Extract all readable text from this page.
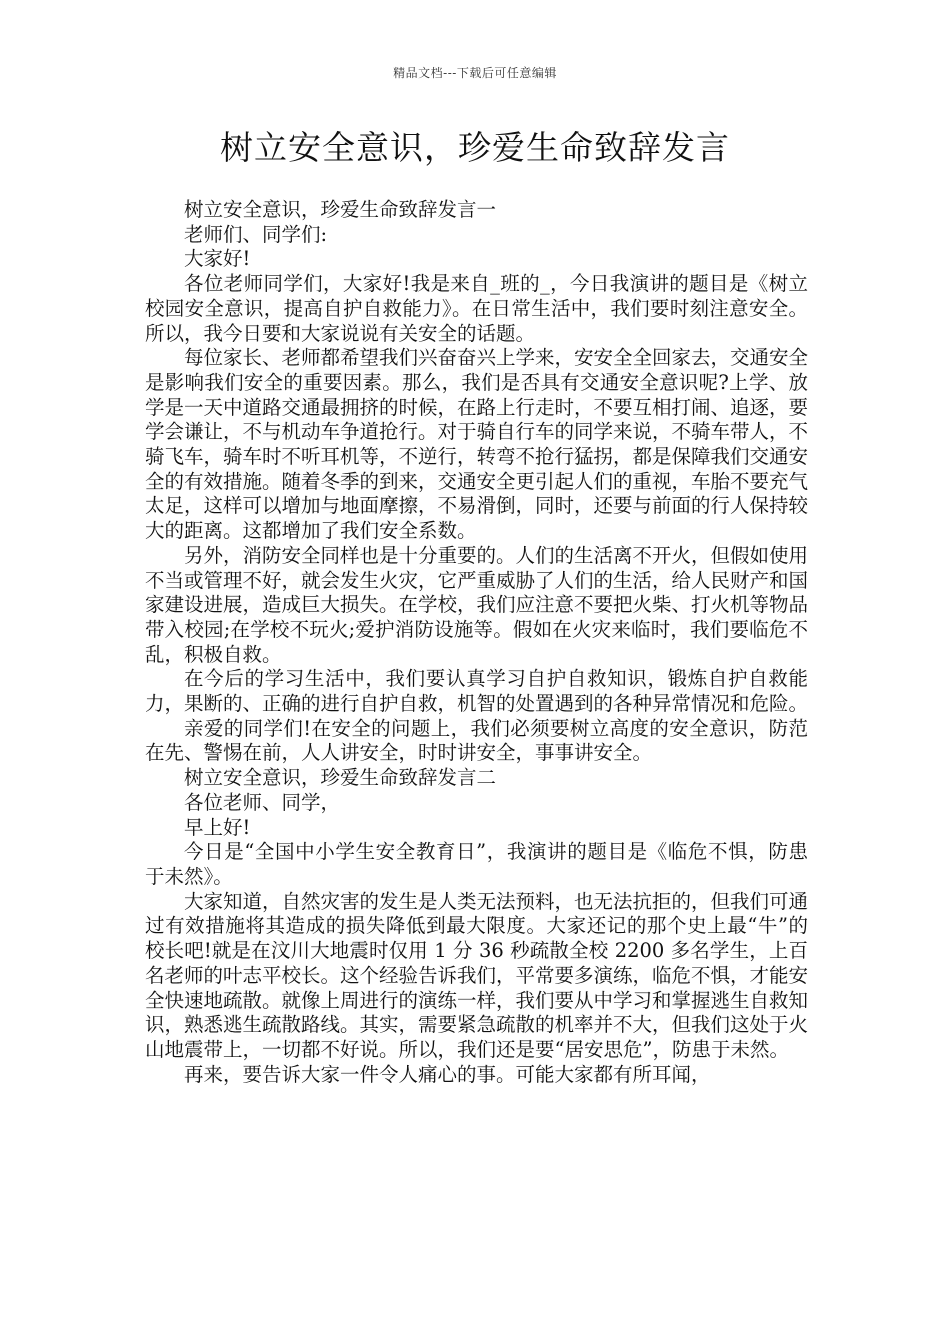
精品文档---下载后可任意编辑
树立安全意识，珍爱生命致辞发言

树立安全意识，珍爱生命致辞发言一

老师们、同学们:

大家好!

各位老师同学们，大家好!我是来自_班的_，今日我演讲的题目是《树立校园安全意识，提高自护自救能力》。在日常生活中，我们要时刻注意安全。所以，我今日要和大家说说有关安全的话题。

每位家长、老师都希望我们兴奋奋兴上学来，安安全全回家去，交通安全是影响我们安全的重要因素。那么，我们是否具有交通安全意识呢?上学、放学是一天中道路交通最拥挤的时候，在路上行走时，不要互相打闹、追逐，要学会谦让，不与机动车争道抢行。对于骑自行车的同学来说，不骑车带人，不骑飞车，骑车时不听耳机等，不逆行，转弯不抢行猛拐，都是保障我们交通安全的有效措施。随着冬季的到来，交通安全更引起人们的重视，车胎不要充气太足，这样可以增加与地面摩擦，不易滑倒，同时，还要与前面的行人保持较大的距离。这都增加了我们安全系数。

另外，消防安全同样也是十分重要的。人们的生活离不开火，但假如使用不当或管理不好，就会发生火灾，它严重威胁了人们的生活，给人民财产和国家建设进展，造成巨大损失。在学校，我们应注意不要把火柴、打火机等物品带入校园;在学校不玩火;爱护消防设施等。假如在火灾来临时，我们要临危不乱，积极自救。

在今后的学习生活中，我们要认真学习自护自救知识，锻炼自护自救能力，果断的、正确的进行自护自救，机智的处置遇到的各种异常情况和危险。

亲爱的同学们!在安全的问题上，我们必须要树立高度的安全意识，防范在先、警惕在前，人人讲安全，时时讲安全，事事讲安全。

树立安全意识，珍爱生命致辞发言二

各位老师、同学，

早上好!

今日是“全国中小学生安全教育日”，我演讲的题目是《临危不惧，防患于未然》。

大家知道，自然灾害的发生是人类无法预料，也无法抗拒的，但我们可通过有效措施将其造成的损失降低到最大限度。大家还记的那个史上最“牛”的校长吧!就是在汶川大地震时仅用 1 分 36 秒疏散全校 2200 多名学生，上百名老师的叶志平校长。这个经验告诉我们，平常要多演练，临危不惧，才能安全快速地疏散。就像上周进行的演练一样，我们要从中学习和掌握逃生自救知识，熟悉逃生疏散路线。其实，需要紧急疏散的机率并不大，但我们这处于火山地震带上，一切都不好说。所以，我们还是要“居安思危”，防患于未然。

再来，要告诉大家一件令人痛心的事。可能大家都有所耳闻，
